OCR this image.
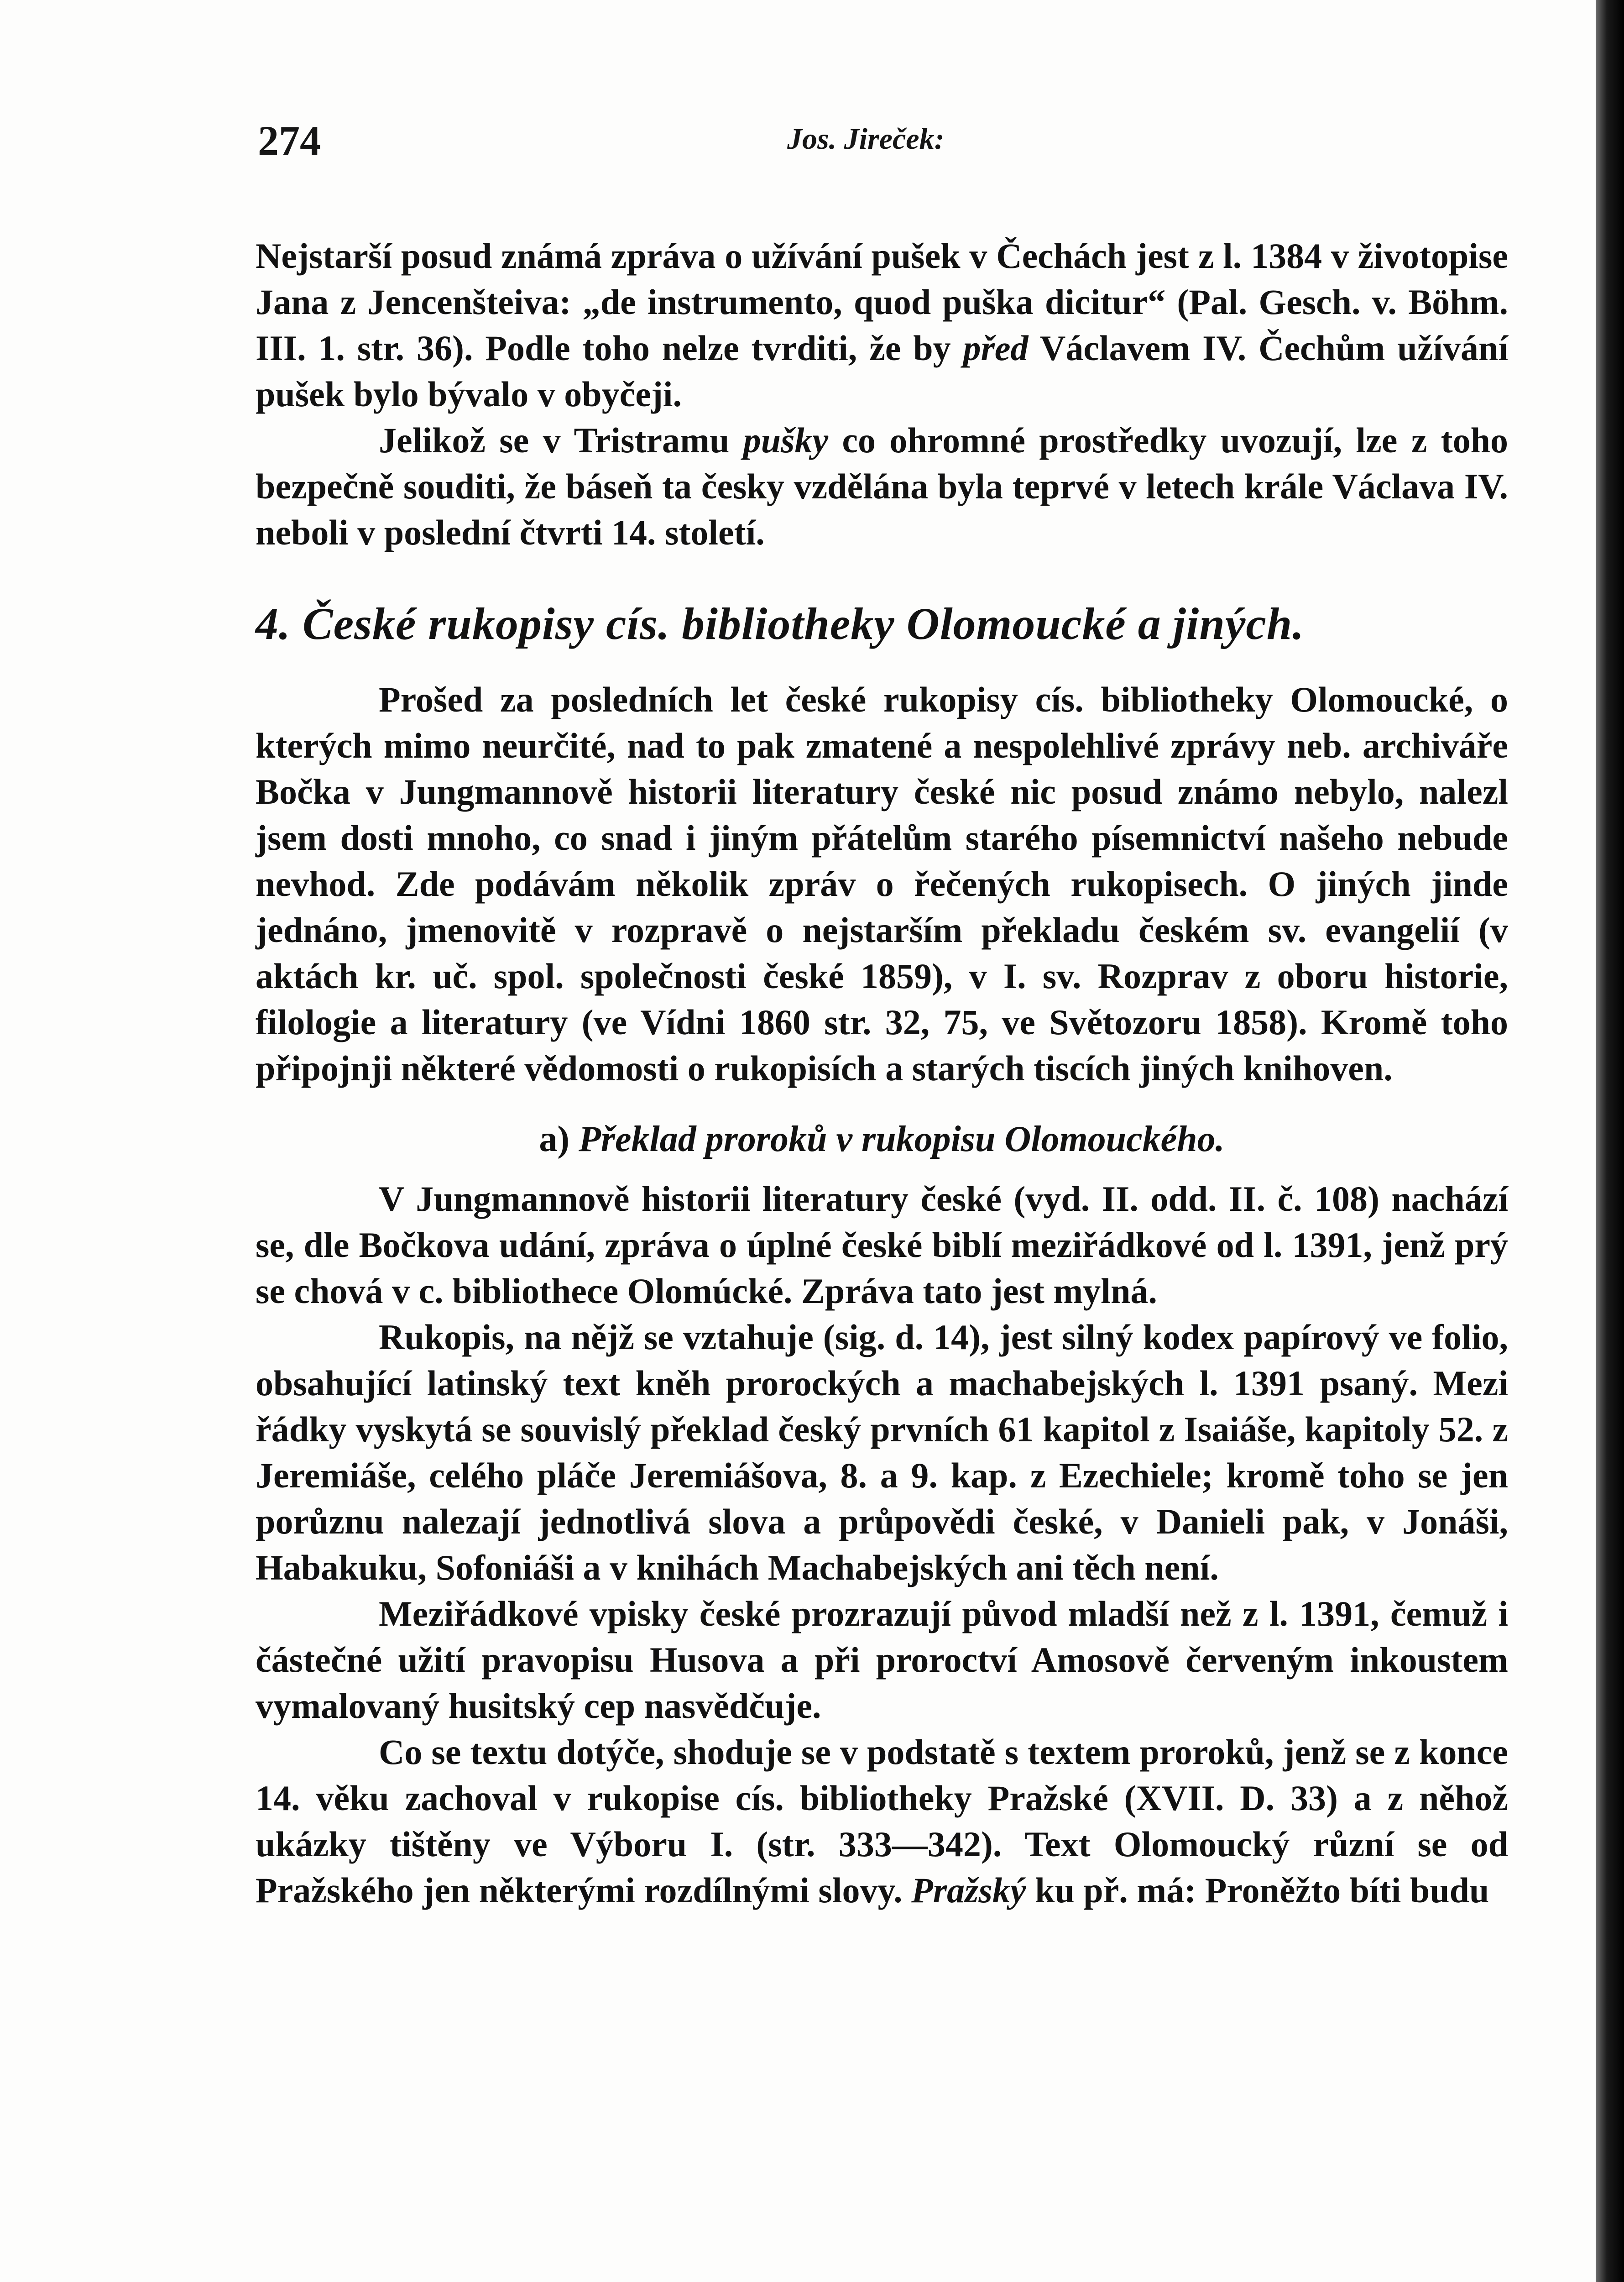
274	Jos. Jireček:

Nejstarší posud známá zpráva o užívání pušek v Čechách jest z l. 1384 v životopise Jana z Jencenšteiva: „de instrumento, quod puška dicitur“ (Pal. Gesch. v. Böhm. III. 1. str. 36). Podle toho nelze tvrditi, že by před Václavem IV. Čechům užívání pušek bylo bývalo v obyčeji.

Jelikož se v Tristramu pušky co ohromné prostředky uvozují, lze z toho bezpečně souditi, že báseň ta česky vzdělána byla teprvé v letech krále Václava IV. neboli v poslední čtvrti 14. století.

4. České rukopisy cís. bibliotheky Olomoucké a jiných.

Prošed za posledních let české rukopisy cís. bibliotheky Olomoucké, o kterých mimo neurčité, nad to pak zmatené a nespolehlivé zprávy neb. archiváře Bočka v Jungmannově historii literatury české nic posud známo nebylo, nalezl jsem dosti mnoho, co snad i jiným přátelům starého písemnictví našeho nebude nevhod. Zde podávám několik zpráv o řečených rukopisech. O jiných jinde jednáno, jmenovitě v rozpravě o nejstarším překladu českém sv. evangelií (v aktách kr. uč. spol. společnosti české 1859), v I. sv. Rozprav z oboru historie, filologie a literatury (ve Vídni 1860 str. 32, 75, ve Světozoru 1858). Kromě toho připojnji některé vědomosti o rukopisích a starých tiscích jiných knihoven.

a) Překlad proroků v rukopisu Olomouckého.

V Jungmannově historii literatury české (vyd. II. odd. II. č. 108) nachází se, dle Bočkova udání, zpráva o úplné české biblí meziřádkové od l. 1391, jenž prý se chová v c. bibliothece Olomúcké. Zpráva tato jest mylná.

Rukopis, na nějž se vztahuje (sig. d. 14), jest silný kodex papírový ve folio, obsahující latinský text kněh prorockých a machabejských l. 1391 psaný. Mezi řádky vyskytá se souvislý překlad český prvních 61 kapitol z Isaiáše, kapitoly 52. z Jeremiáše, celého pláče Jeremiášova, 8. a 9. kap. z Ezechiele; kromě toho se jen porůznu nalezají jednotlivá slova a průpovědi české, v Danieli pak, v Jonáši, Habakuku, Sofoniáši a v knihách Machabejských ani těch není.

Meziřádkové vpisky české prozrazují původ mladší než z l. 1391, čemuž i částečné užití pravopisu Husova a při proroctví Amosově červeným inkoustem vymalovaný husitský cep nasvědčuje.

Co se textu dotýče, shoduje se v podstatě s textem proroků, jenž se z konce 14. věku zachoval v rukopise cís. bibliotheky Pražské (XVII. D. 33) a z něhož ukázky tištěny ve Výboru I. (str. 333—342). Text Olomoucký různí se od Pražského jen některými rozdílnými slovy. Pražský ku př. má: Proněžto bíti budu
